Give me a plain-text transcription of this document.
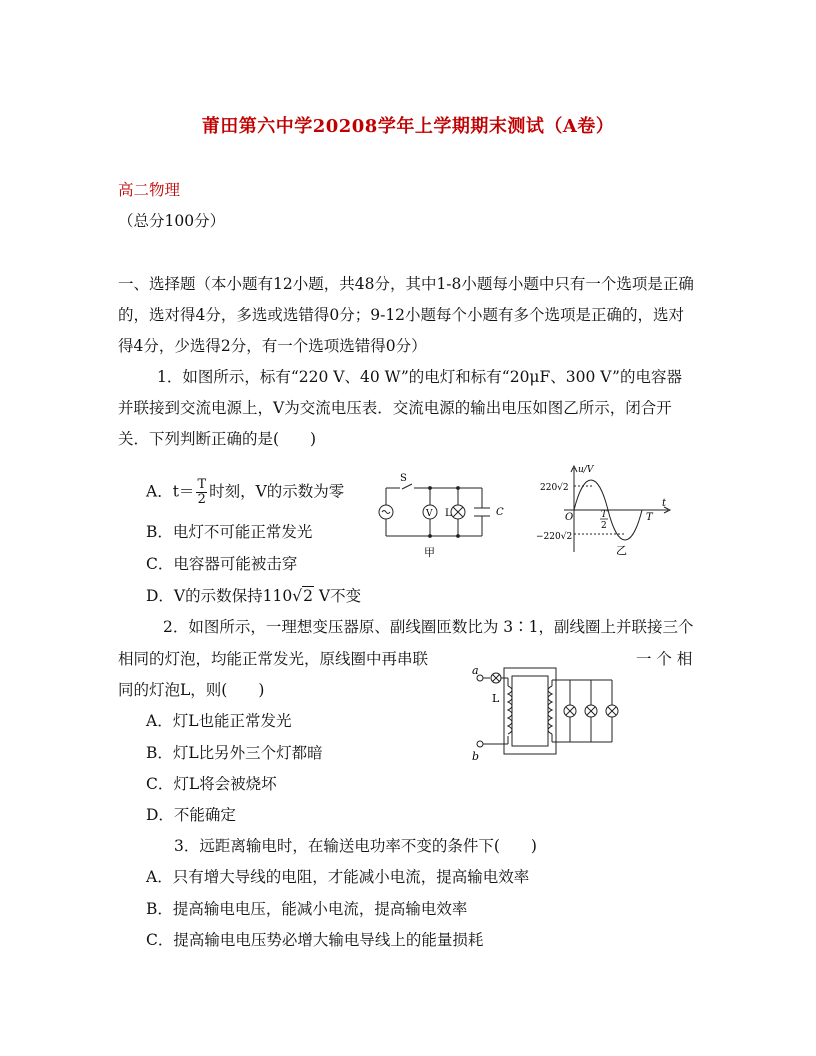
莆田第六中学20208学年上学期期末测试（A卷）
高二物理
（总分100分）
一、选择题（本小题有12小题，共48分，其中1-8小题每小题中只有一个选项是正确
的，选对得4分，多选或选错得0分；9-12小题每个小题有多个选项是正确的，选对
得4分，少选得2分，有一个选项选错得0分）
1．如图所示，标有“220 V、40 W”的电灯和标有“20μF、300 V”的电容器
并联接到交流电源上，V为交流电压表．交流电源的输出电压如图乙所示，闭合开
关．下列判断正确的是(　　)
A．$t= \frac{T}{2}$ 时刻，V的示数为零
B．电灯不可能正常发光
C．电容器可能被击穿
D．V的示数保持110√2 V不变
S
V L	C
甲
u/V
220√2
−220√2
O	T
2
T
t
乙
2．如图所示，一理想变压器原、副线圈匝数比为 3∶1，副线圈上并联接三个
相同的灯泡，均能正常发光，原线圈中再串联	一 个 相
同的灯泡L，则(　　)
A．灯L也能正常发光
B．灯L比另外三个灯都暗
C．灯L将会被烧坏
D．不能确定
a
b
L
3．远距离输电时，在输送电功率不变的条件下(　　)
A．只有增大导线的电阻，才能减小电流，提高输电效率
B．提高输电电压，能减小电流，提高输电效率
C．提高输电电压势必增大输电导线上的能量损耗
